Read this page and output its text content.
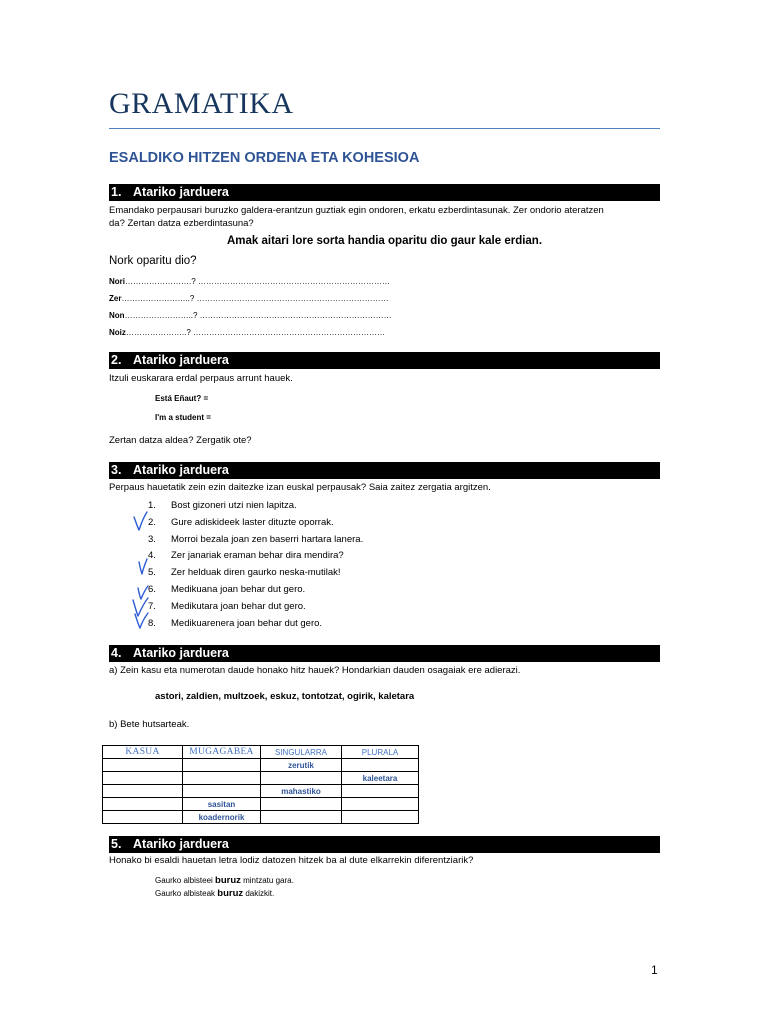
GRAMATIKA
ESALDIKO HITZEN ORDENA ETA KOHESIOA
1. Atariko jarduera
Emandako perpausari buruzko galdera-erantzun guztiak egin ondoren, erkatu ezberdintasunak. Zer ondorio ateratzen
da? Zertan datza ezberdintasuna?
Amak aitari lore sorta handia oparitu dio gaur kale erdian.
Nork oparitu dio?
Nori…………………….? ………………………………………………………………
Zer……………………..? ………………………………………………………………
Non……………………..? ………………………………………………………………
Noiz…………………..? ………………………………………………………………
2. Atariko jarduera
Itzuli euskarara erdal perpaus arrunt hauek.
Está Eñaut? =
I'm a student =
Zertan datza aldea? Zergatik ote?
3. Atariko jarduera
Perpaus hauetatik zein ezin daitezke izan euskal perpausak? Saia zaitez zergatia argitzen.
1. Bost gizoneri utzi nien lapitza.
2. Gure adiskideek laster dituzte oporrak.
3. Morroi bezala joan zen baserri hartara lanera.
4. Zer janariak eraman behar dira mendira?
5. Zer helduak diren gaurko neska-mutilak!
6. Medikuana joan behar dut gero.
7. Medikutara joan behar dut gero.
8. Medikuarenera joan behar dut gero.
4. Atariko jarduera
a) Zein kasu eta numerotan daude honako hitz hauek? Hondarkian dauden osagaiak ere adierazi.
astori, zaldien, multzoek, eskuz, tontotzat, ogirik, kaletara
b) Bete hutsarteak.
KASUA	MUGAGABEA	SINGULARRA	PLURALA
		zerutik	
			kaleetara
		mahastiko	
	sasitan		
	koadernorik		
5. Atariko jarduera
Honako bi esaldi hauetan letra lodiz datozen hitzek ba al dute elkarrekin diferentziarik?
Gaurko albisteei buruz mintzatu gara.
Gaurko albisteak buruz dakizkit.
1
